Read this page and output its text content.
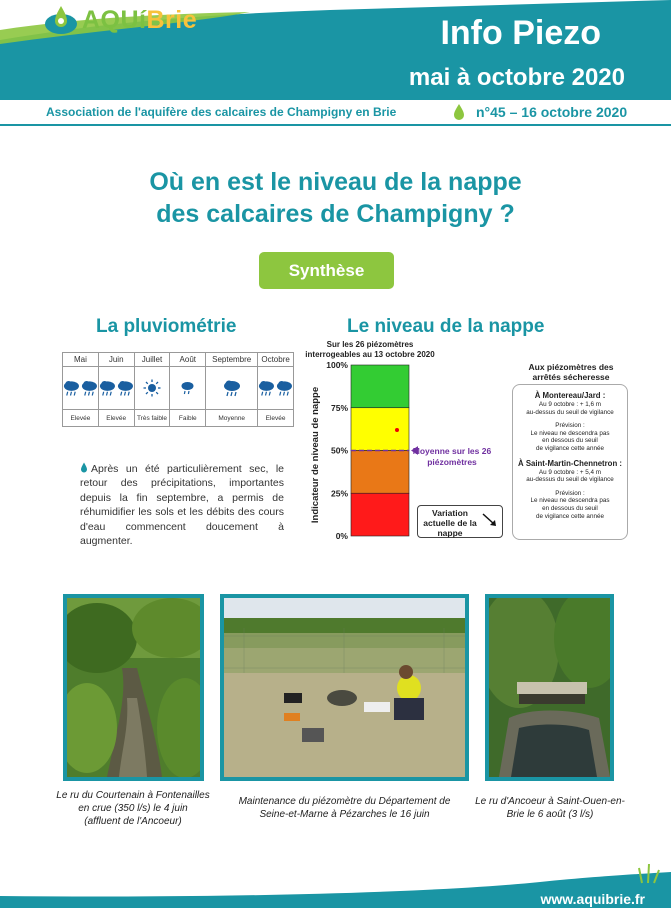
AQUíBrie	Info Piezo
mai à octobre 2020
Association de l'aquifère des calcaires de Champigny en Brie	n°45 – 16 octobre 2020
Où en est le niveau de la nappe
des calcaires de Champigny ?
Synthèse
La pluviométrie
Mai	Juin	Juillet	Août	Septembre	Octobre

Elevée	Elevée	Très faible	Faible	Moyenne	Elevée
Après un été particulièrement sec, le retour des précipitations, importantes depuis la fin septembre, a permis de réhumidifier les sols et les débits des cours d'eau commencent doucement à augmenter.
Le niveau de la nappe
Sur les 26 piézomètres interrogeables au 13 octobre 2020
Indicateur de niveau de nappe
100%
75%
50%
25%
0%
Moyenne sur les 26 piézomètres
Variation actuelle de la nappe
Aux piézomètres des arrêtés sécheresse
À Montereau/Jard :
Au 9 octobre : + 1,6 m
au-dessus du seuil de vigilance
Prévision :
Le niveau ne descendra pas
en dessous du seuil
de vigilance cette année
À Saint-Martin-Chennetron :
Au 9 octobre : + 5,4 m
au-dessus du seuil de vigilance
Prévision :
Le niveau ne descendra pas
en dessous du seuil
de vigilance cette année
Le ru du Courtenain à Fontenailles
en crue (350 l/s) le 4 juin
(affluent de l'Ancoeur)
Maintenance du piézomètre du Département de
Seine-et-Marne à Pézarches le 16 juin
Le ru d'Ancoeur à Saint-Ouen-en-
Brie le 6 août (3 l/s)
www.aquibrie.fr
